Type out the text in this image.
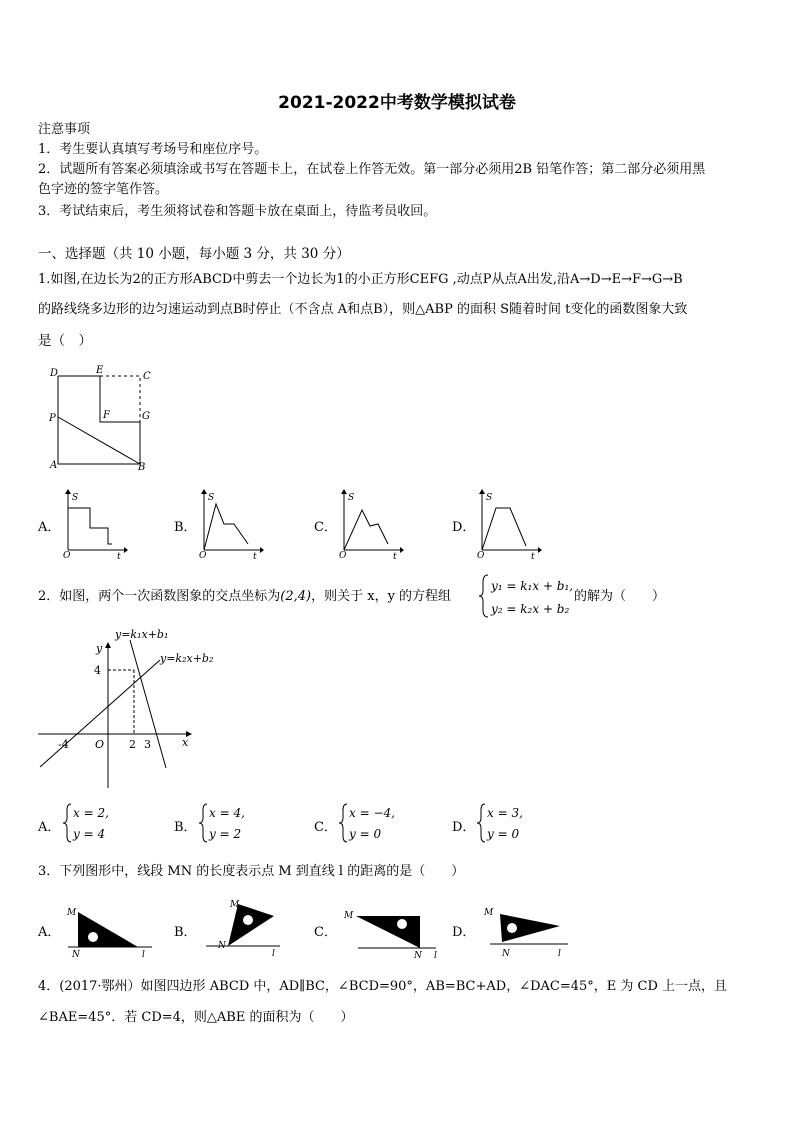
2021-2022中考数学模拟试卷
注意事项
1．考生要认真填写考场号和座位序号。
2．试题所有答案必须填涂或书写在答题卡上，在试卷上作答无效。第一部分必须用2B 铅笔作答；第二部分必须用黑
色字迹的签字笔作答。
3．考试结束后，考生须将试卷和答题卡放在桌面上，待监考员收回。
一、选择题（共 10 小题，每小题 3 分，共 30 分）
1.如图,在边长为2的正方形ABCD中剪去一个边长为1的小正方形CEFG ,动点P从点A出发,沿A→D→E→F→G→B
的路线绕多边形的边匀速运动到点B时停止（不含点 A和点B），则△ABP 的面积 S随着时间 t变化的函数图象大致
是（　）
D	E
C
P	F	G
A	B
A．
S
O	t
B．
S
O	t
C．
S
O	t
D．
S
O	t
2．如图，两个一次函数图象的交点坐标为(2,4)，则关于 x，y 的方程组
y₁ = k₁x + b₁,
y₂ = k₂x + b₂
的解为（　　）
y=k₁x+b₁
y=k₂x+b₂
y
x
4
-4 O 2 3
A．
x = 2,
y = 4	B．
x = 4,
y = 2	C．
x = −4,
y = 0	D．
x = 3,
y = 0
3．下列图形中，线段 MN 的长度表示点 M 到直线 l 的距离的是（　　）
A．
M
N	l
B．
M
N
l
C．
M
N l
D．
M
N	l
4．(2017·鄂州）如图四边形 ABCD 中，AD∥BC，∠BCD=90°，AB=BC+AD，∠DAC=45°，E 为 CD 上一点，且
∠BAE=45°．若 CD=4，则△ABE 的面积为（　　）
